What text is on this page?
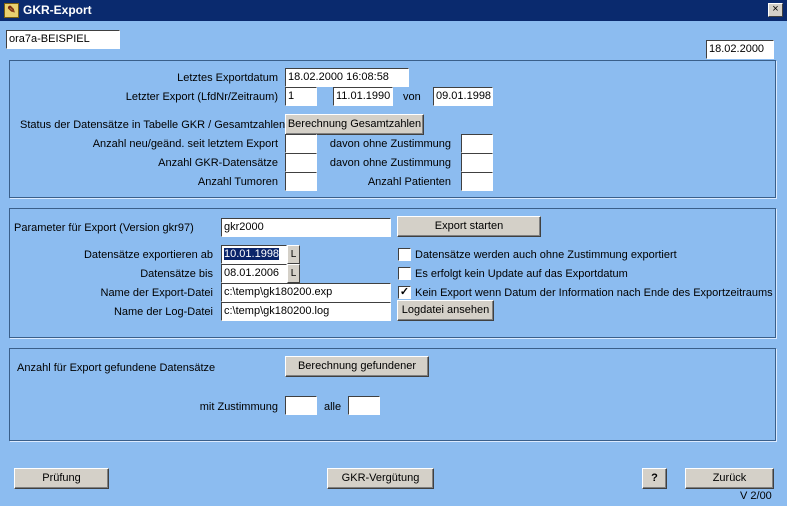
✎ GKR-Export	×
ora7a-BEISPIEL
18.02.2000
Letztes Exportdatum 18.02.2000 16:08:58
Letzter Export (LfdNr/Zeitraum) 1	11.01.1990 von 09.01.1998
Status der Datensätze in Tabelle GKR / Gesamtzahlen Berechnung Gesamtzahlen
Anzahl neu/geänd. seit letztem Export	davon ohne Zustimmung
Anzahl GKR-Datensätze	davon ohne Zustimmung
Anzahl Tumoren	Anzahl Patienten
Parameter für Export (Version gkr97)	gkr2000	Export starten
Datensätze exportieren ab 10.01.1998	L
Datensätze bis 08.01.2006	L
Name der Export-Datei c:\temp\gk180200.exp
Name der Log-Datei c:\temp\gk180200.log	Logdatei ansehen
Datensätze werden auch ohne Zustimmung exportiert
Es erfolgt kein Update auf das Exportdatum
✓ Kein Export wenn Datum der Information nach Ende des Exportzeitraums
Anzahl für Export gefundene Datensätze	Berechnung gefundener
mit Zustimmung	alle
Prüfung	GKR-Vergütung	?	Zurück
V 2/00
